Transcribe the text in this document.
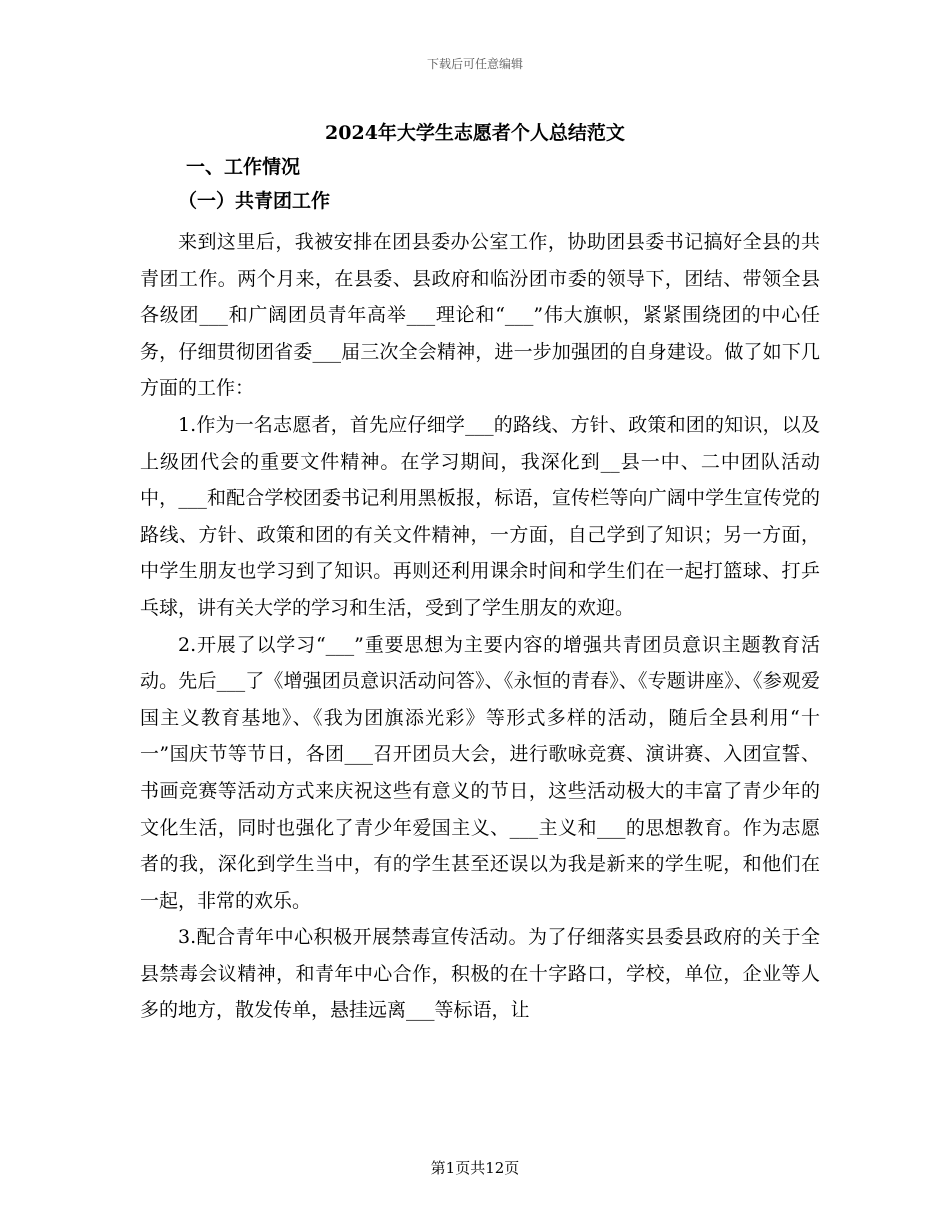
下载后可任意编辑
2024年大学生志愿者个人总结范文
一、工作情况
（一）共青团工作

来到这里后，我被安排在团县委办公室工作，协助团县委书记搞好全县的共青团工作。两个月来，在县委、县政府和临汾团市委的领导下，团结、带领全县各级团___和广阔团员青年高举___理论和“___”伟大旗帜，紧紧围绕团的中心任务，仔细贯彻团省委___届三次全会精神，进一步加强团的自身建设。做了如下几方面的工作：

1.作为一名志愿者，首先应仔细学___的路线、方针、政策和团的知识，以及上级团代会的重要文件精神。在学习期间，我深化到__县一中、二中团队活动中，___和配合学校团委书记利用黑板报，标语，宣传栏等向广阔中学生宣传党的路线、方针、政策和团的有关文件精神，一方面，自己学到了知识；另一方面，中学生朋友也学习到了知识。再则还利用课余时间和学生们在一起打篮球、打乒乓球，讲有关大学的学习和生活，受到了学生朋友的欢迎。

2.开展了以学习“___”重要思想为主要内容的增强共青团员意识主题教育活动。先后___了《增强团员意识活动问答》、《永恒的青春》、《专题讲座》、《参观爱国主义教育基地》、《我为团旗添光彩》等形式多样的活动，随后全县利用“十一”国庆节等节日，各团___召开团员大会，进行歌咏竞赛、演讲赛、入团宣誓、书画竞赛等活动方式来庆祝这些有意义的节日，这些活动极大的丰富了青少年的文化生活，同时也强化了青少年爱国主义、___主义和___的思想教育。作为志愿者的我，深化到学生当中，有的学生甚至还误以为我是新来的学生呢，和他们在一起，非常的欢乐。

3.配合青年中心积极开展禁毒宣传活动。为了仔细落实县委县政府的关于全县禁毒会议精神，和青年中心合作，积极的在十字路口，学校，单位，企业等人多的地方，散发传单，悬挂远离___等标语，让

第1页共12页
